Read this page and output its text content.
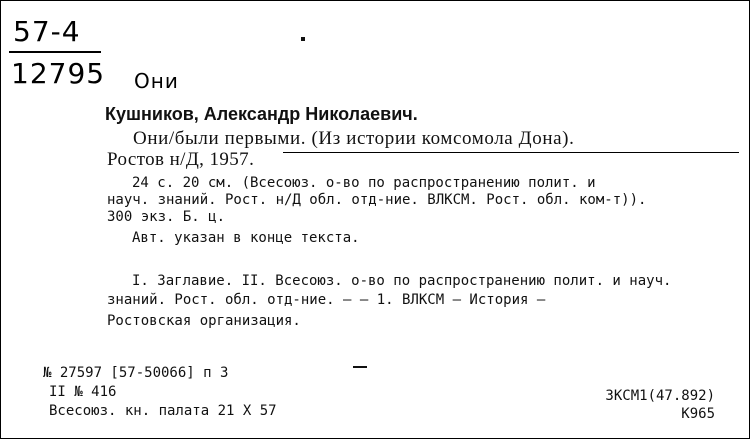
57-4
12795 Они
Кушников, Александр Николаевич.
Они/были первыми. (Из истории комсомола Дона).
Ростов н/Д, 1957.
24 с. 20 см. (Всесоюз. о-во по распространению полит. и
науч. знаний. Рост. н/Д обл. отд-ние. ВЛКСМ. Рост. обл. ком-т)).
300 экз. Б. ц.
Авт. указан в конце текста.
I. Заглавие. II. Всесоюз. о-во по распространению полит. и науч.
знаний. Рост. обл. отд-ние. — — 1. ВЛКСМ — История —
Ростовская организация.
№ 27597 [57-50066] п 3
II № 416
Всесоюз. кн. палата 21 X 57
3КСМ1(47.892)
К965
